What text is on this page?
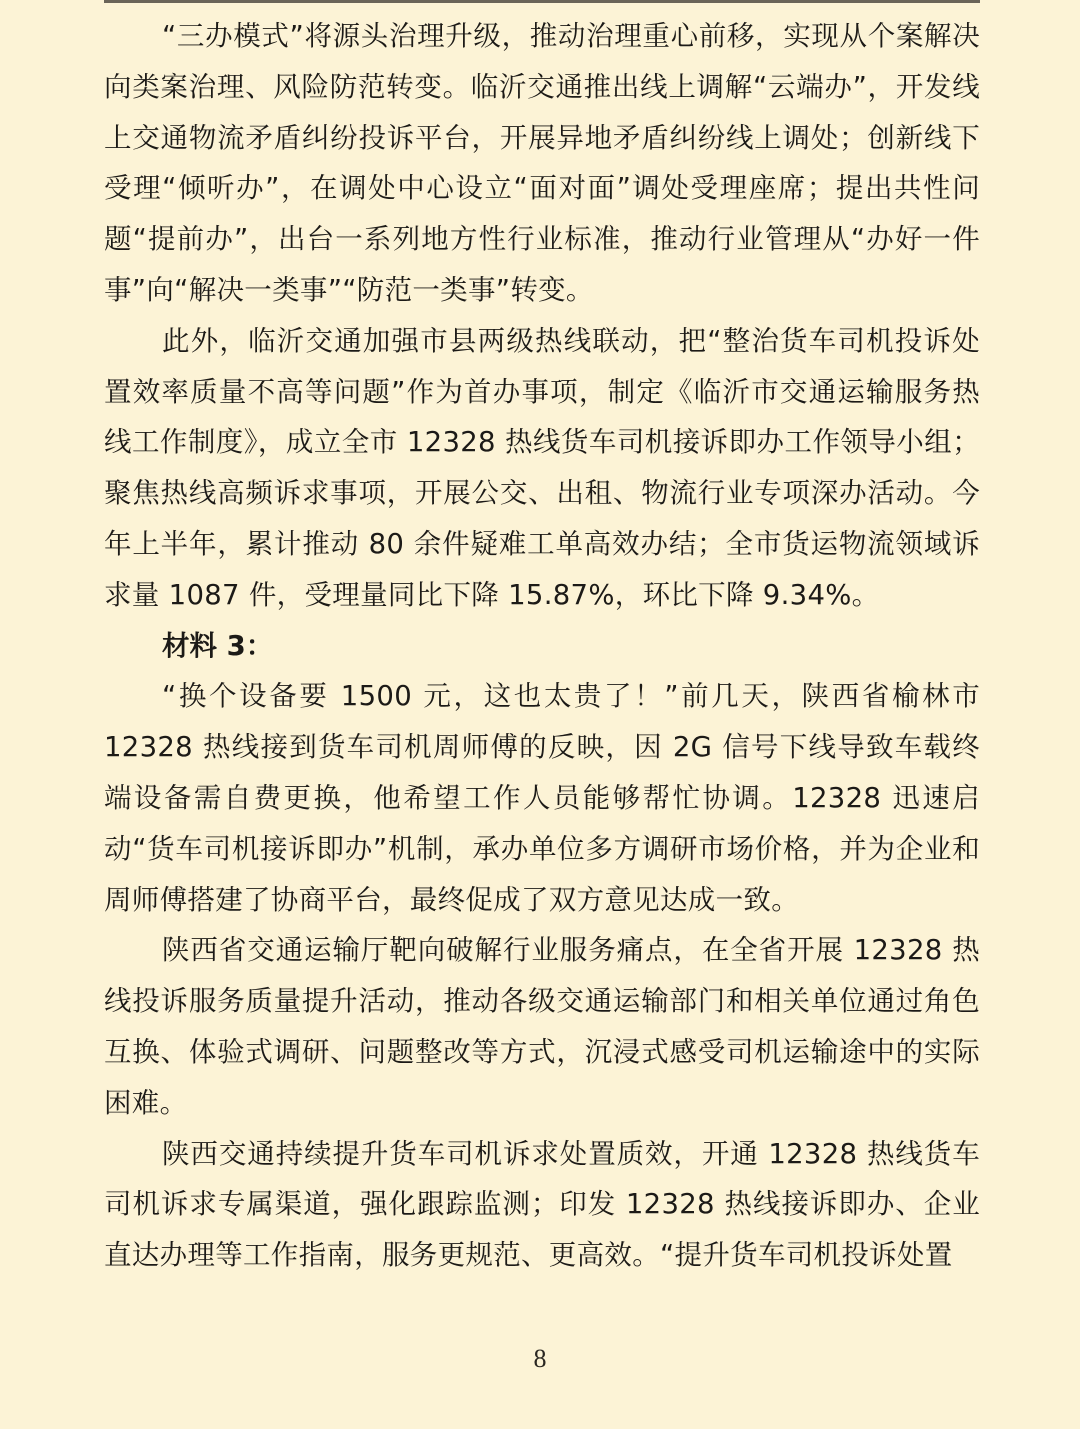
“三办模式”将源头治理升级，推动治理重心前移，实现从个案解决向类案治理、风险防范转变。临沂交通推出线上调解“云端办”，开发线上交通物流矛盾纠纷投诉平台，开展异地矛盾纠纷线上调处；创新线下受理“倾听办”，在调处中心设立“面对面”调处受理座席；提出共性问题“提前办”，出台一系列地方性行业标准，推动行业管理从“办好一件事”向“解决一类事”“防范一类事”转变。

此外，临沂交通加强市县两级热线联动，把“整治货车司机投诉处置效率质量不高等问题”作为首办事项，制定《临沂市交通运输服务热线工作制度》，成立全市 12328 热线货车司机接诉即办工作领导小组；聚焦热线高频诉求事项，开展公交、出租、物流行业专项深办活动。今年上半年，累计推动 80 余件疑难工单高效办结；全市货运物流领域诉求量 1087 件，受理量同比下降 15.87%，环比下降 9.34%。

材料 3：

“换个设备要 1500 元，这也太贵了！”前几天，陕西省榆林市 12328 热线接到货车司机周师傅的反映，因 2G 信号下线导致车载终端设备需自费更换，他希望工作人员能够帮忙协调。12328 迅速启动“货车司机接诉即办”机制，承办单位多方调研市场价格，并为企业和周师傅搭建了协商平台，最终促成了双方意见达成一致。

陕西省交通运输厅靶向破解行业服务痛点，在全省开展 12328 热线投诉服务质量提升活动，推动各级交通运输部门和相关单位通过角色互换、体验式调研、问题整改等方式，沉浸式感受司机运输途中的实际困难。

陕西交通持续提升货车司机诉求处置质效，开通 12328 热线货车司机诉求专属渠道，强化跟踪监测；印发 12328 热线接诉即办、企业直达办理等工作指南，服务更规范、更高效。“提升货车司机投诉处置

8
